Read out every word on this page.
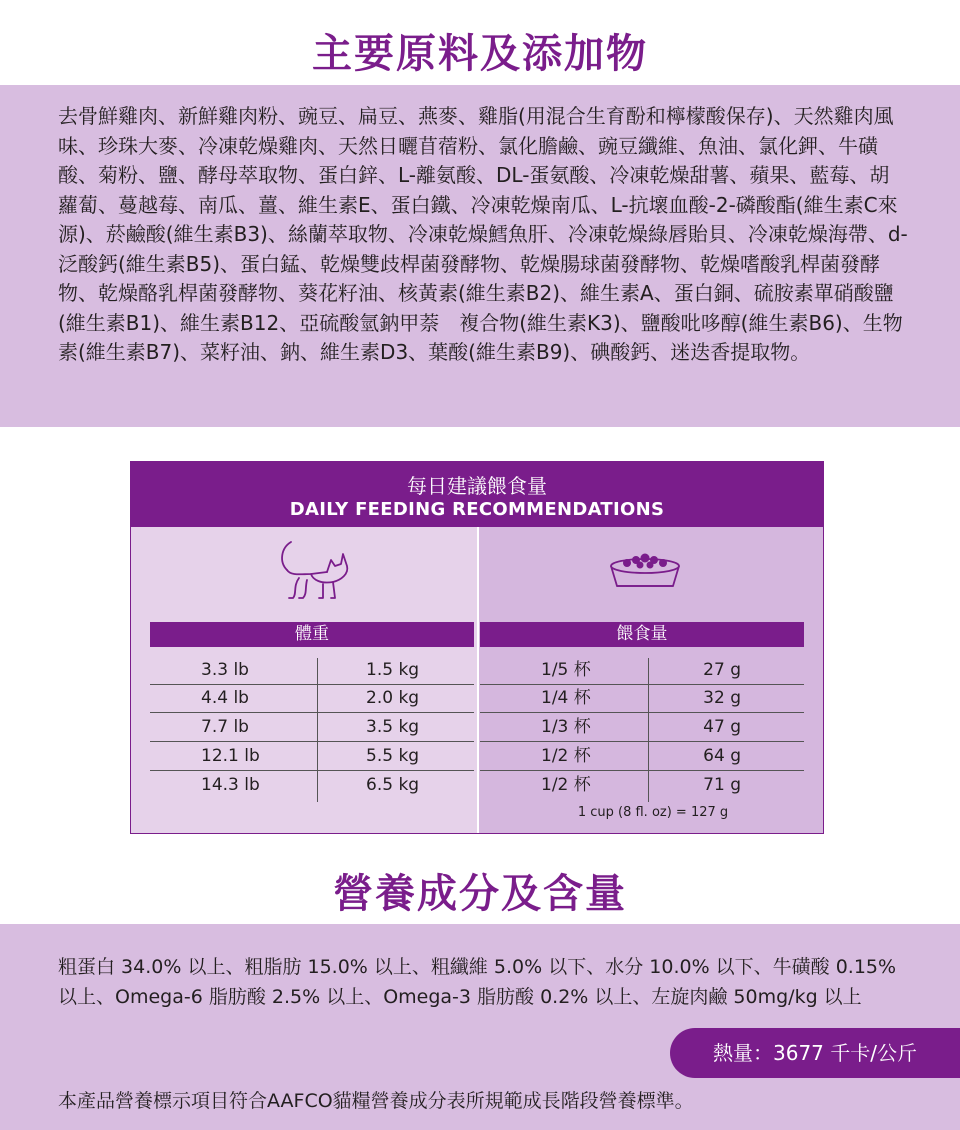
主要原料及添加物
去骨鮮雞肉、新鮮雞肉粉、豌豆、扁豆、燕麥、雞脂(用混合生育酚和檸檬酸保存)、天然雞肉風味、珍珠大麥、冷凍乾燥雞肉、天然日曬苜蓿粉、氯化膽鹼、豌豆纖維、魚油、氯化鉀、牛磺酸、菊粉、鹽、酵母萃取物、蛋白鋅、L-離氨酸、DL-蛋氨酸、冷凍乾燥甜薯、蘋果、藍莓、胡蘿蔔、蔓越莓、南瓜、薑、維生素E、蛋白鐵、冷凍乾燥南瓜、L-抗壞血酸-2-磷酸酯(維生素C來源)、菸鹼酸(維生素B3)、絲蘭萃取物、冷凍乾燥鱈魚肝、冷凍乾燥綠唇貽貝、冷凍乾燥海帶、d-泛酸鈣(維生素B5)、蛋白錳、乾燥雙歧桿菌發酵物、乾燥腸球菌發酵物、乾燥嗜酸乳桿菌發酵物、乾燥酪乳桿菌發酵物、葵花籽油、核黃素(維生素B2)、維生素A、蛋白銅、硫胺素單硝酸鹽(維生素B1)、維生素B12、亞硫酸氫鈉甲萘　複合物(維生素K3)、鹽酸吡哆醇(維生素B6)、生物素(維生素B7)、菜籽油、鈉、維生素D3、葉酸(維生素B9)、碘酸鈣、迷迭香提取物。
每日建議餵食量
DAILY FEEDING RECOMMENDATIONS
體重	餵食量
3.3 lb	1.5 kg	1/5 杯	27 g
4.4 lb	2.0 kg	1/4 杯	32 g
7.7 lb	3.5 kg	1/3 杯	47 g
12.1 lb	5.5 kg	1/2 杯	64 g
14.3 lb	6.5 kg	1/2 杯	71 g
1 cup (8 fl. oz) = 127 g
營養成分及含量
粗蛋白 34.0% 以上、粗脂肪 15.0% 以上、粗纖維 5.0% 以下、水分 10.0% 以下、牛磺酸 0.15% 以上、Omega-6 脂肪酸 2.5% 以上、Omega-3 脂肪酸 0.2% 以上、左旋肉鹼 50mg/kg 以上
熱量：3677 千卡/公斤
本產品營養標示項目符合AAFCO貓糧營養成分表所規範成長階段營養標準。
